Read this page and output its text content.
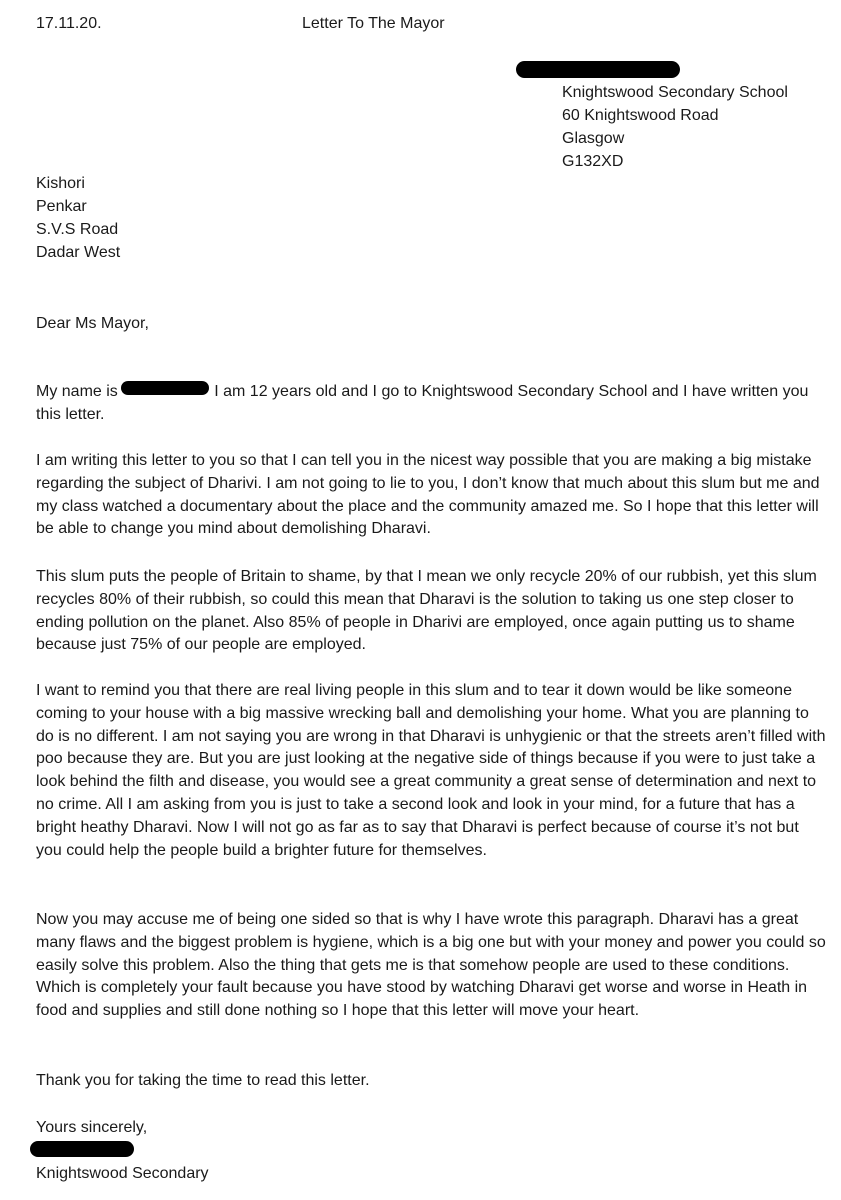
17.11.20.	Letter To The Mayor
Knightswood Secondary School
60 Knightswood Road
Glasgow
G132XD
Kishori
Penkar
S.V.S Road
Dadar West
Dear Ms Mayor,

My name is	I am 12 years old and I go to Knightswood Secondary School and I have written you this letter.

I am writing this letter to you so that I can tell you in the nicest way possible that you are making a big mistake regarding the subject of Dharivi. I am not going to lie to you, I don’t know that much about this slum but me and my class watched a documentary about the place and the community amazed me. So I hope that this letter will be able to change you mind about demolishing Dharavi.

This slum puts the people of Britain to shame, by that I mean we only recycle 20% of our rubbish, yet this slum recycles 80% of their rubbish, so could this mean that Dharavi is the solution to taking us one step closer to ending pollution on the planet. Also 85% of people in Dharivi are employed, once again putting us to shame because just 75% of our people are employed.

I want to remind you that there are real living people in this slum and to tear it down would be like someone coming to your house with a big massive wrecking ball and demolishing your home. What you are planning to do is no different. I am not saying you are wrong in that Dharavi is unhygienic or that the streets aren’t filled with poo because they are. But you are just looking at the negative side of things because if you were to just take a look behind the filth and disease, you would see a great community a great sense of determination and next to no crime. All I am asking from you is just to take a second look and look in your mind, for a future that has a bright heathy Dharavi. Now I will not go as far as to say that Dharavi is perfect because of course it’s not but you could help the people build a brighter future for themselves.

Now you may accuse me of being one sided so that is why I have wrote this paragraph. Dharavi has a great many flaws and the biggest problem is hygiene, which is a big one but with your money and power you could so easily solve this problem. Also the thing that gets me is that somehow people are used to these conditions. Which is completely your fault because you have stood by watching Dharavi get worse and worse in Heath in food and supplies and still done nothing so I hope that this letter will move your heart.

Thank you for taking the time to read this letter.

Yours sincerely,
Knightswood Secondary
